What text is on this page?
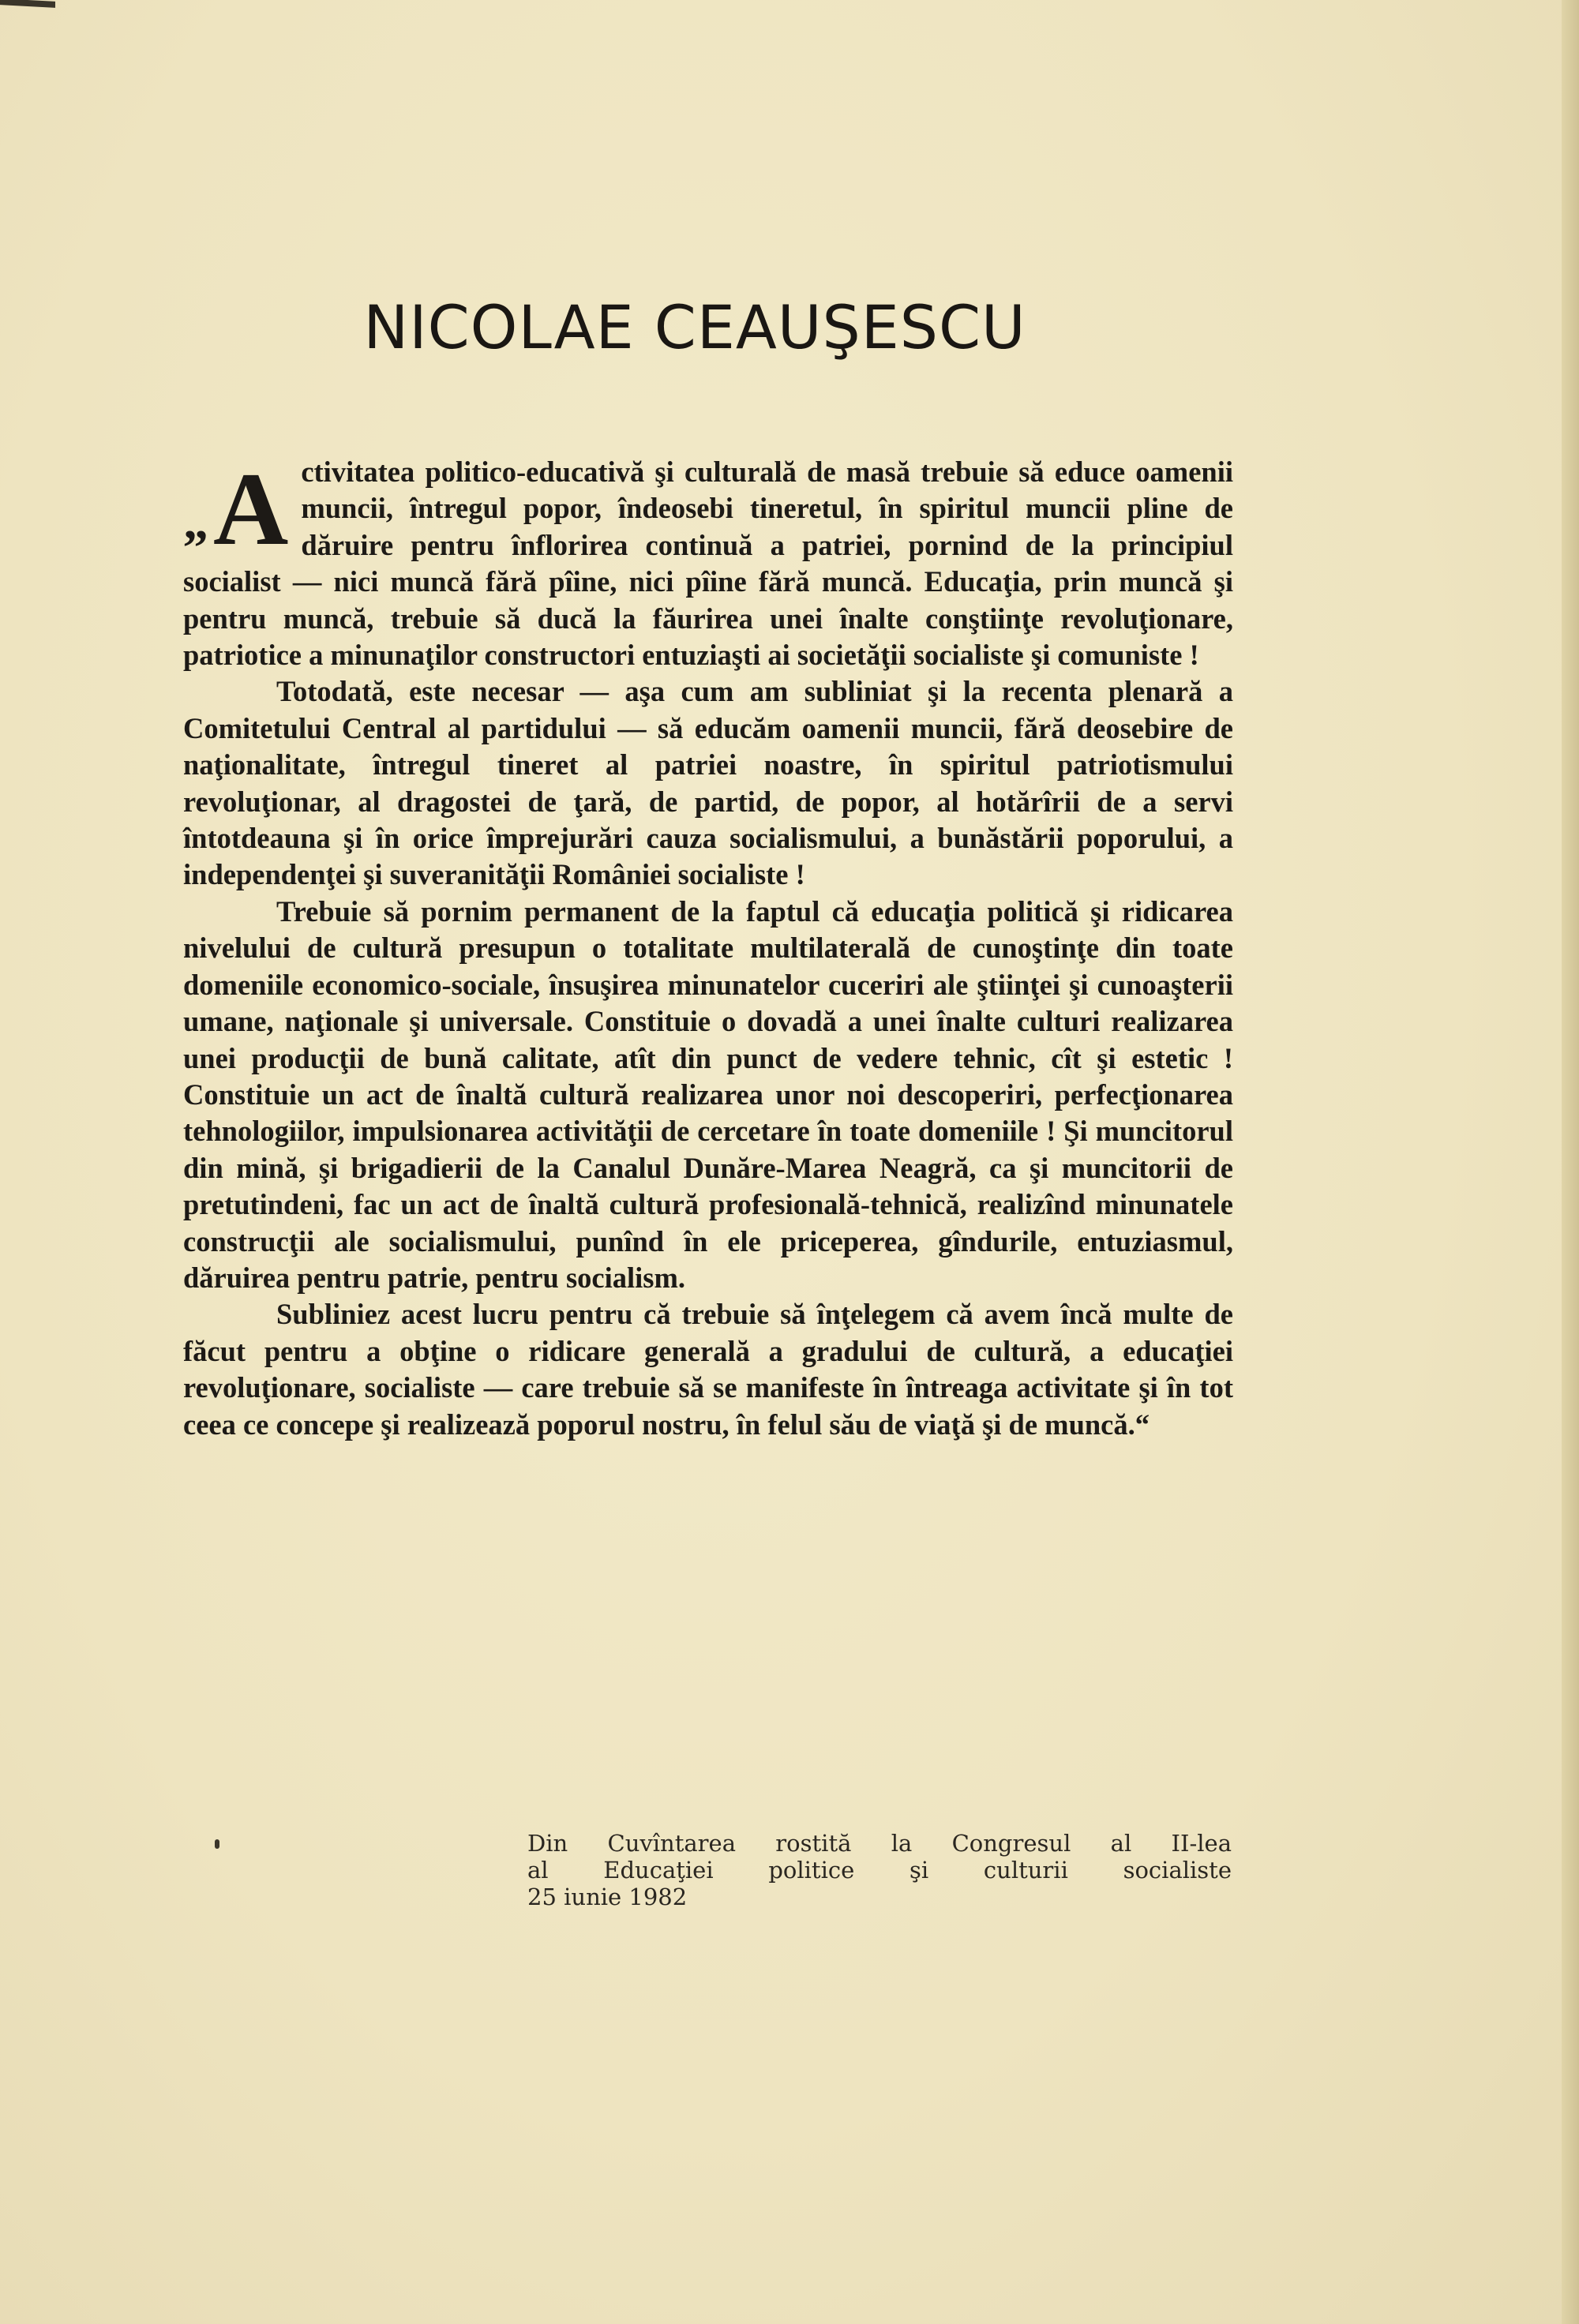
NICOLAE CEAUŞESCU

„ A ctivitatea politico-educativă şi culturală de masă trebuie să educe oamenii muncii, întregul popor, îndeosebi tineretul, în spiritul muncii pline de dăruire pentru înflorirea continuă a patriei, pornind de la principiul socialist — nici muncă fără pîine, nici pîine fără muncă. Educaţia, prin muncă şi pentru muncă, trebuie să ducă la făurirea unei înalte conştiinţe revoluţionare, patriotice a minunaţilor constructori entuziaşti ai societăţii socialiste şi comuniste !

Totodată, este necesar — aşa cum am subliniat şi la recenta plenară a Comitetului Central al partidului — să educăm oamenii muncii, fără deosebire de naţionalitate, întregul tineret al patriei noastre, în spiritul patriotismului revoluţionar, al dragostei de ţară, de partid, de popor, al hotărîrii de a servi întotdeauna şi în orice împrejurări cauza socialismului, a bunăstării poporului, a independenţei şi suveranităţii României socialiste !

Trebuie să pornim permanent de la faptul că educaţia politică şi ridicarea nivelului de cultură presupun o totalitate multilaterală de cunoştinţe din toate domeniile economico-sociale, însuşirea minunatelor cuceriri ale ştiinţei şi cunoaşterii umane, naţionale şi universale. Constituie o dovadă a unei înalte culturi realizarea unei producţii de bună calitate, atît din punct de vedere tehnic, cît şi estetic ! Constituie un act de înaltă cultură realizarea unor noi descoperiri, perfecţionarea tehnologiilor, impulsionarea activităţii de cercetare în toate domeniile ! Şi muncitorul din mină, şi brigadierii de la Canalul Dunăre-Marea Neagră, ca şi muncitorii de pretutindeni, fac un act de înaltă cultură profesională-tehnică, realizînd minunatele construcţii ale socialismului, punînd în ele priceperea, gîndurile, entuziasmul, dăruirea pentru patrie, pentru socialism.

Subliniez acest lucru pentru că trebuie să înţelegem că avem încă multe de făcut pentru a obţine o ridicare generală a gradului de cultură, a educaţiei revoluţionare, socialiste — care trebuie să se manifeste în întreaga activitate şi în tot ceea ce concepe şi realizează poporul nostru, în felul său de viaţă şi de muncă.“

Din Cuvîntarea rostită la Congresul al II-lea
al Educaţiei politice şi culturii socialiste
25 iunie 1982
